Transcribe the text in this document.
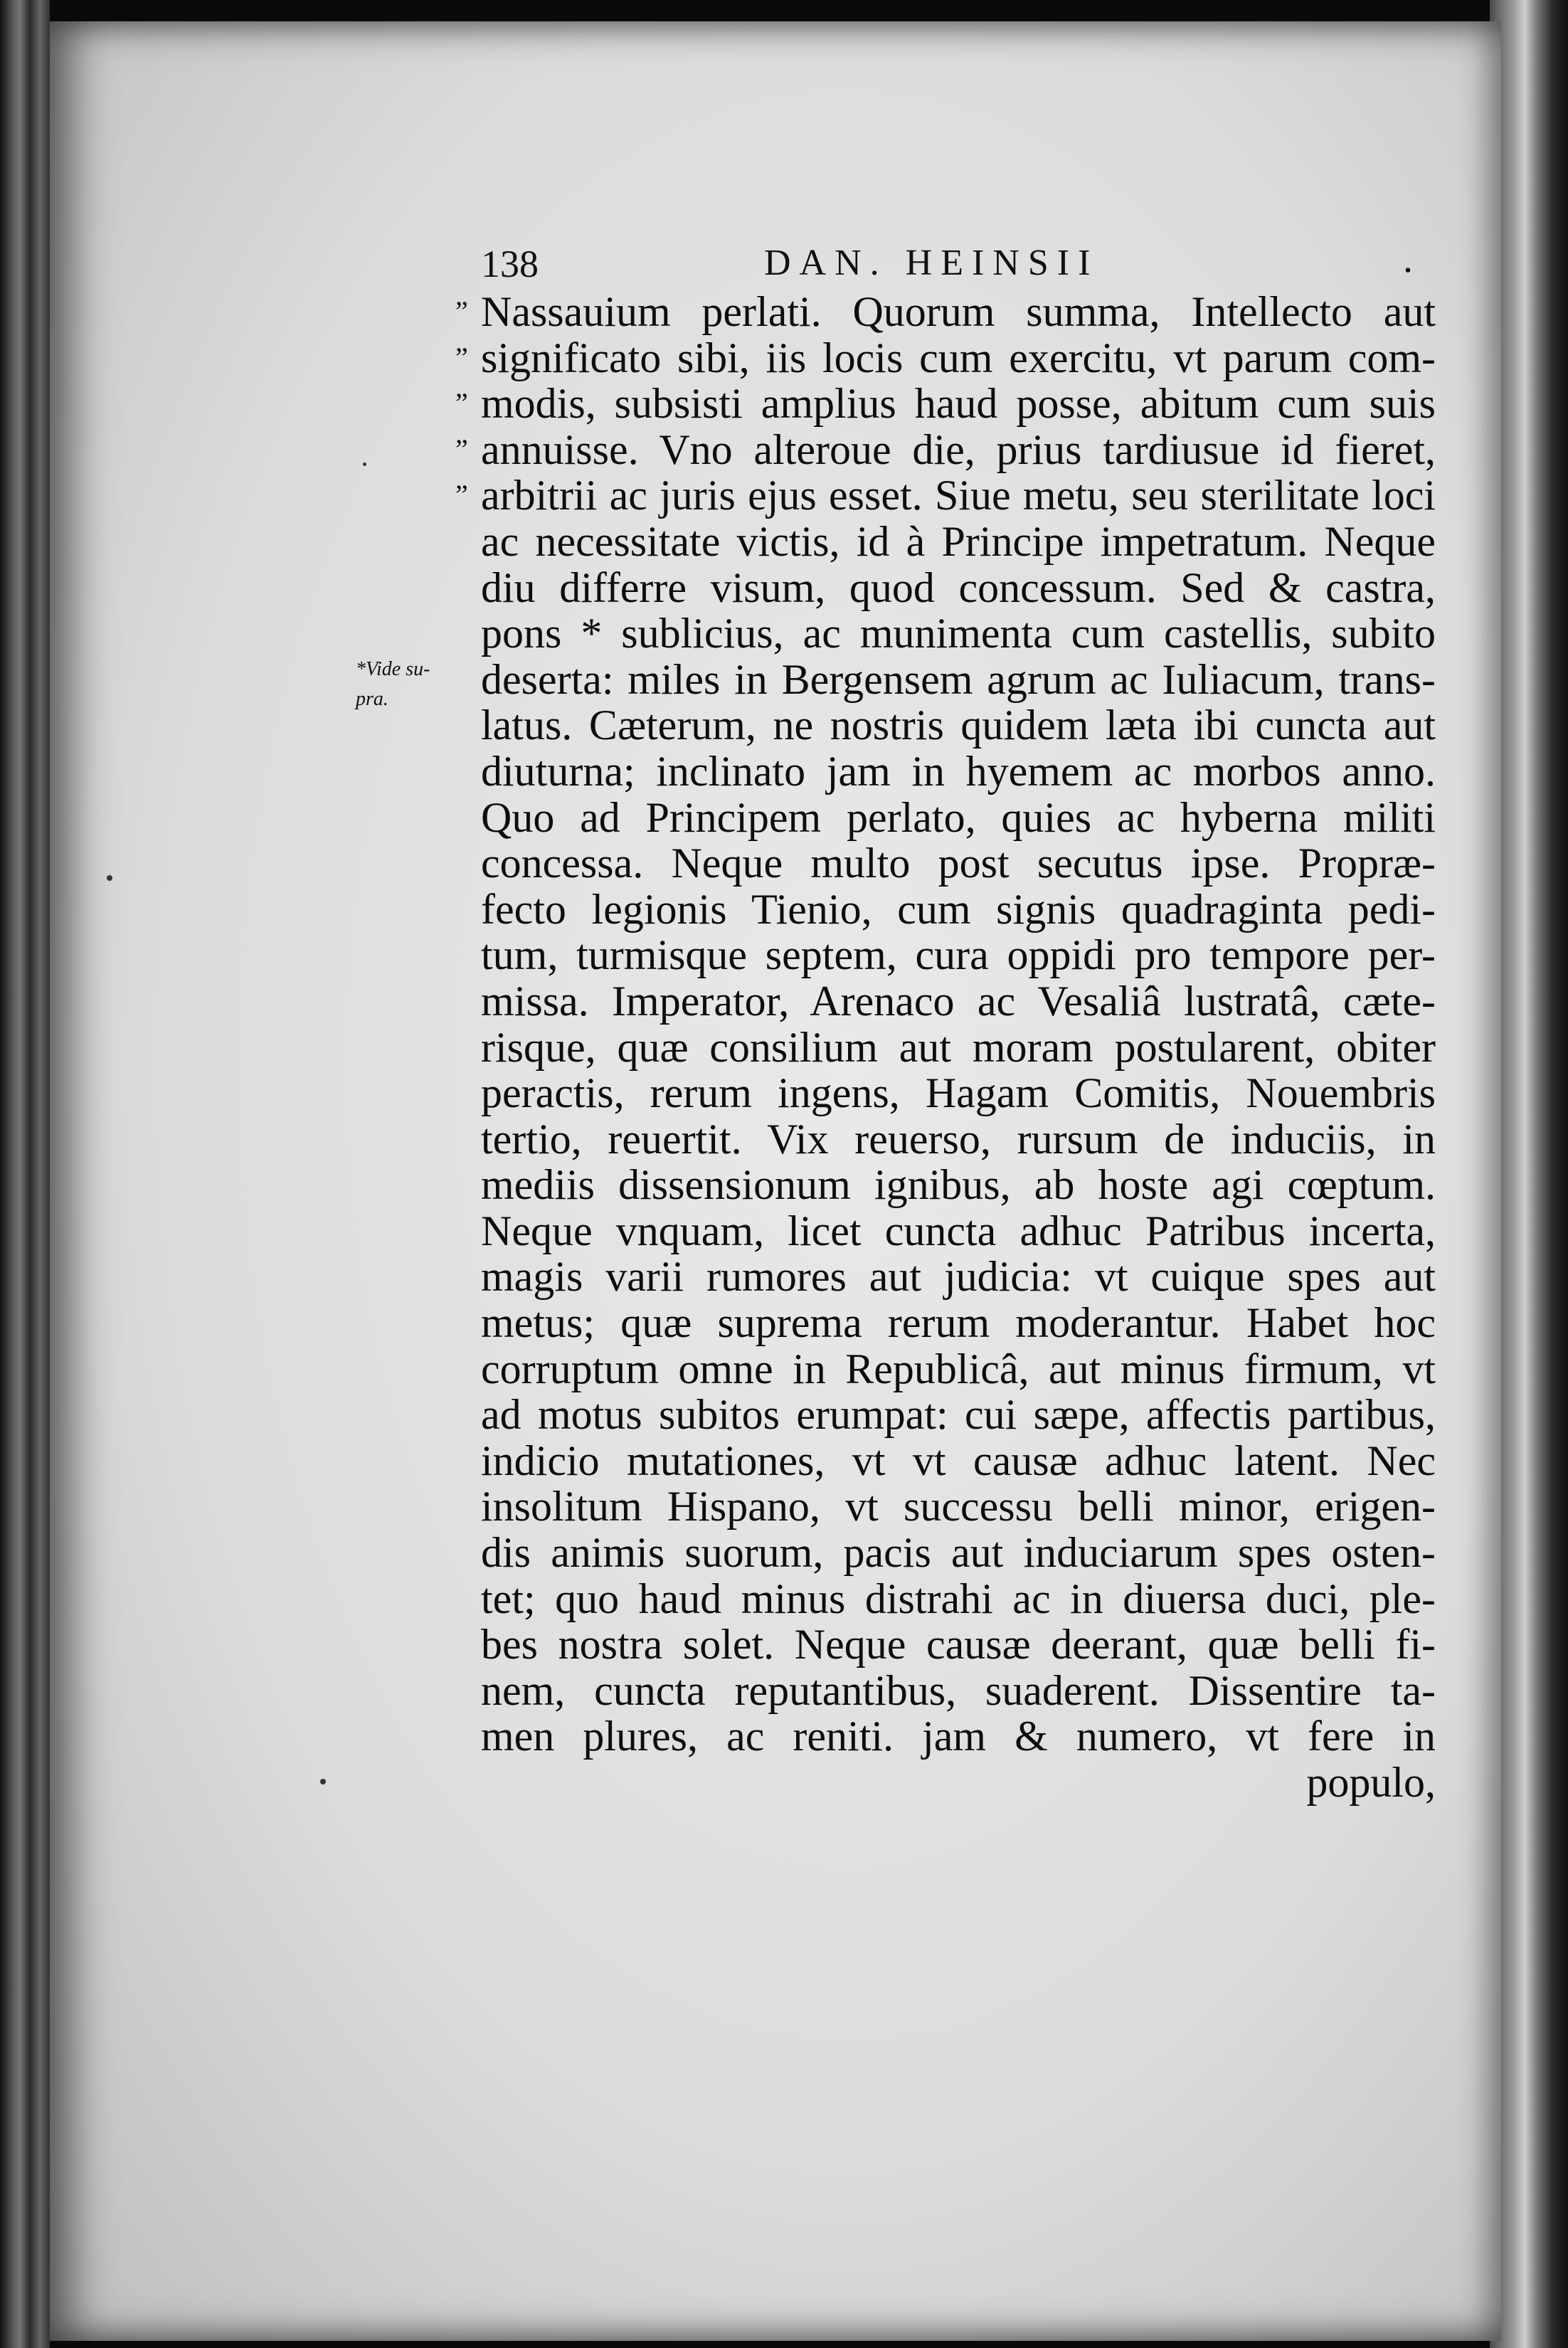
138	DAN. HEINSII	.
*Vide su-
pra.
” Nassauium perlati. Quorum summa, Intellecto aut
” significato sibi, iis locis cum exercitu, vt parum com-
” modis, subsisti amplius haud posse, abitum cum suis
” annuisse. Vno alteroue die, prius tardiusue id fieret,
” arbitrii ac juris ejus esset. Siue metu, seu sterilitate loci
ac necessitate victis, id à Principe impetratum. Neque
diu differre visum, quod concessum. Sed & castra,
pons * sublicius, ac munimenta cum castellis, subito
deserta: miles in Bergensem agrum ac Iuliacum, trans-
latus. Cæterum, ne nostris quidem læta ibi cuncta aut
diuturna; inclinato jam in hyemem ac morbos anno.
Quo ad Principem perlato, quies ac hyberna militi
concessa. Neque multo post secutus ipse. Propræ-
fecto legionis Tienio, cum signis quadraginta pedi-
tum, turmisque septem, cura oppidi pro tempore per-
missa. Imperator, Arenaco ac Vesaliâ lustratâ, cæte-
risque, quæ consilium aut moram postularent, obiter
peractis, rerum ingens, Hagam Comitis, Nouembris
tertio, reuertit. Vix reuerso, rursum de induciis, in
mediis dissensionum ignibus, ab hoste agi cœptum.
Neque vnquam, licet cuncta adhuc Patribus incerta,
magis varii rumores aut judicia: vt cuique spes aut
metus; quæ suprema rerum moderantur. Habet hoc
corruptum omne in Republicâ, aut minus firmum, vt
ad motus subitos erumpat: cui sæpe, affectis partibus,
indicio mutationes, vt vt causæ adhuc latent. Nec
insolitum Hispano, vt successu belli minor, erigen-
dis animis suorum, pacis aut induciarum spes osten-
tet; quo haud minus distrahi ac in diuersa duci, ple-
bes nostra solet. Neque causæ deerant, quæ belli fi-
nem, cuncta reputantibus, suaderent. Dissentire ta-
men plures, ac reniti. jam & numero, vt fere in
populo,
